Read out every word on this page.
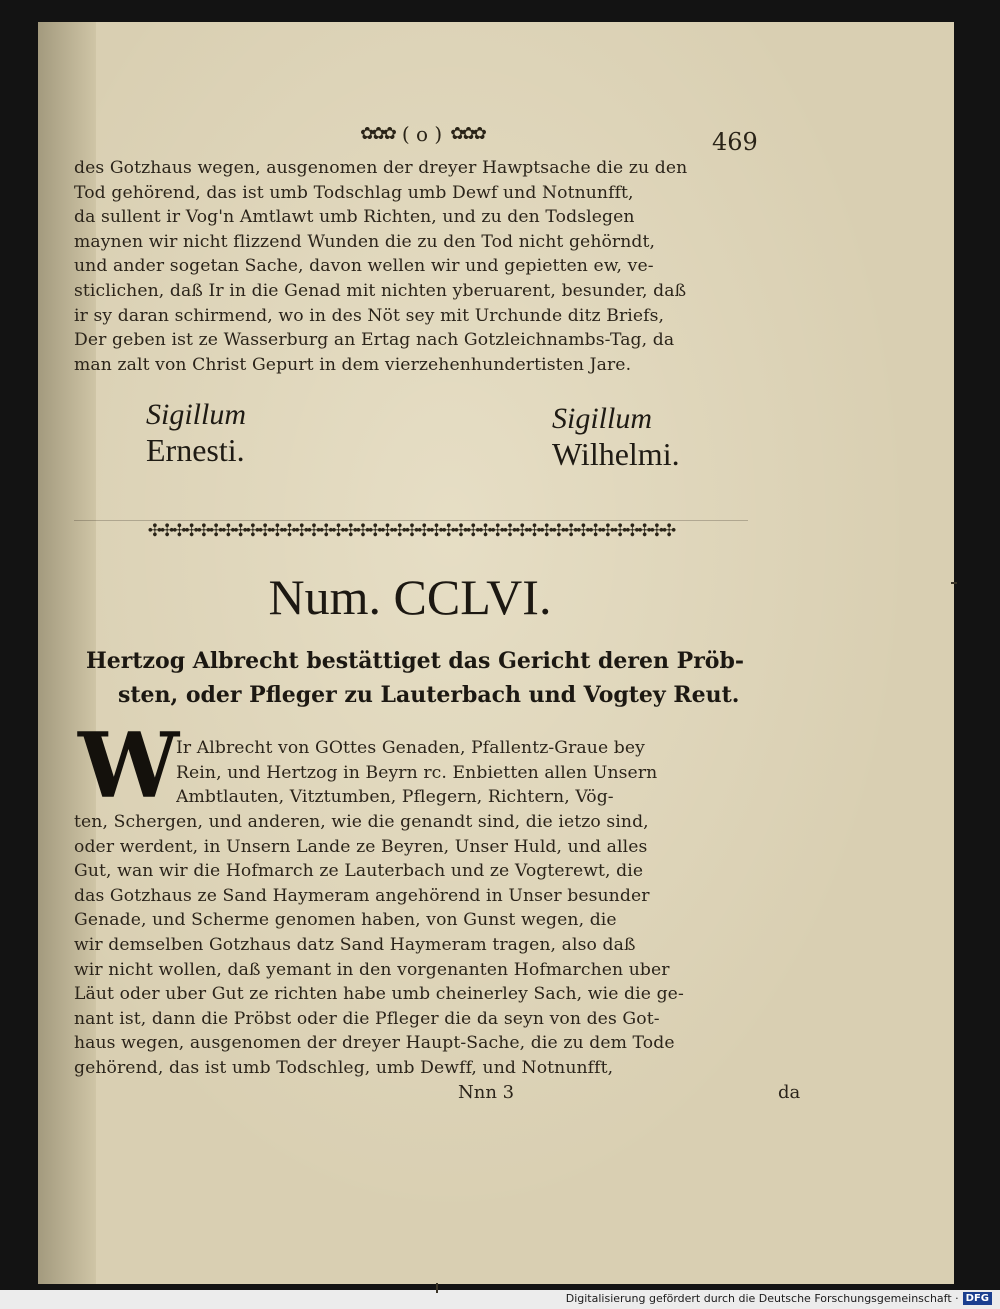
✿✿✿ ( o ) ✿✿✿	469
des Gotzhaus wegen, ausgenomen der dreyer Hawptsache die zu den
Tod gehörend, das ist umb Todschlag umb Dewf und Notnunfft,
da sullent ir Vog'n Amtlawt umb Richten, und zu den Todslegen
maynen wir nicht flizzend Wunden die zu den Tod nicht gehörndt,
und ander sogetan Sache, davon wellen wir und gepietten ew, ve-
sticlichen, daß Ir in die Genad mit nichten yberuarent, besunder, daß
ir sy daran schirmend, wo in des Nöt sey mit Urchunde ditz Briefs,
Der geben ist ze Wasserburg an Ertag nach Gotzleichnambs-Tag, da
man zalt von Christ Gepurt in dem vierzehenhundertisten Jare.
Sigillum
Ernesti.
Sigillum
Wilhelmi.
✣✣✣✣✣✣✣✣✣✣✣✣✣✣✣✣✣✣✣✣✣✣✣✣✣✣✣✣✣✣✣✣✣✣✣✣✣✣✣✣✣✣✣
Num. CCLVI.
Hertzog Albrecht bestättiget das Gericht deren Pröb-
sten, oder Pfleger zu Lauterbach und Vogtey Reut.
W
Ir Albrecht von GOttes Genaden, Pfallentz-Graue bey
Rein, und Hertzog in Beyrn rc. Enbietten allen Unsern
Ambtlauten, Vitztumben, Pflegern, Richtern, Vög-
ten, Schergen, und anderen, wie die genandt sind, die ietzo sind,
oder werdent, in Unsern Lande ze Beyren, Unser Huld, und alles
Gut, wan wir die Hofmarch ze Lauterbach und ze Vogterewt, die
das Gotzhaus ze Sand Haymeram angehörend in Unser besunder
Genade, und Scherme genomen haben, von Gunst wegen, die
wir demselben Gotzhaus datz Sand Haymeram tragen, also daß
wir nicht wollen, daß yemant in den vorgenanten Hofmarchen uber
Läut oder uber Gut ze richten habe umb cheinerley Sach, wie die ge-
nant ist, dann die Pröbst oder die Pfleger die da seyn von des Got-
haus wegen, ausgenomen der dreyer Haupt-Sache, die zu dem Tode
gehörend, das ist umb Todschleg, umb Dewff, und Notnunfft,
Nnn 3	da
Digitalisierung gefördert durch die Deutsche Forschungsgemeinschaft · DFG
